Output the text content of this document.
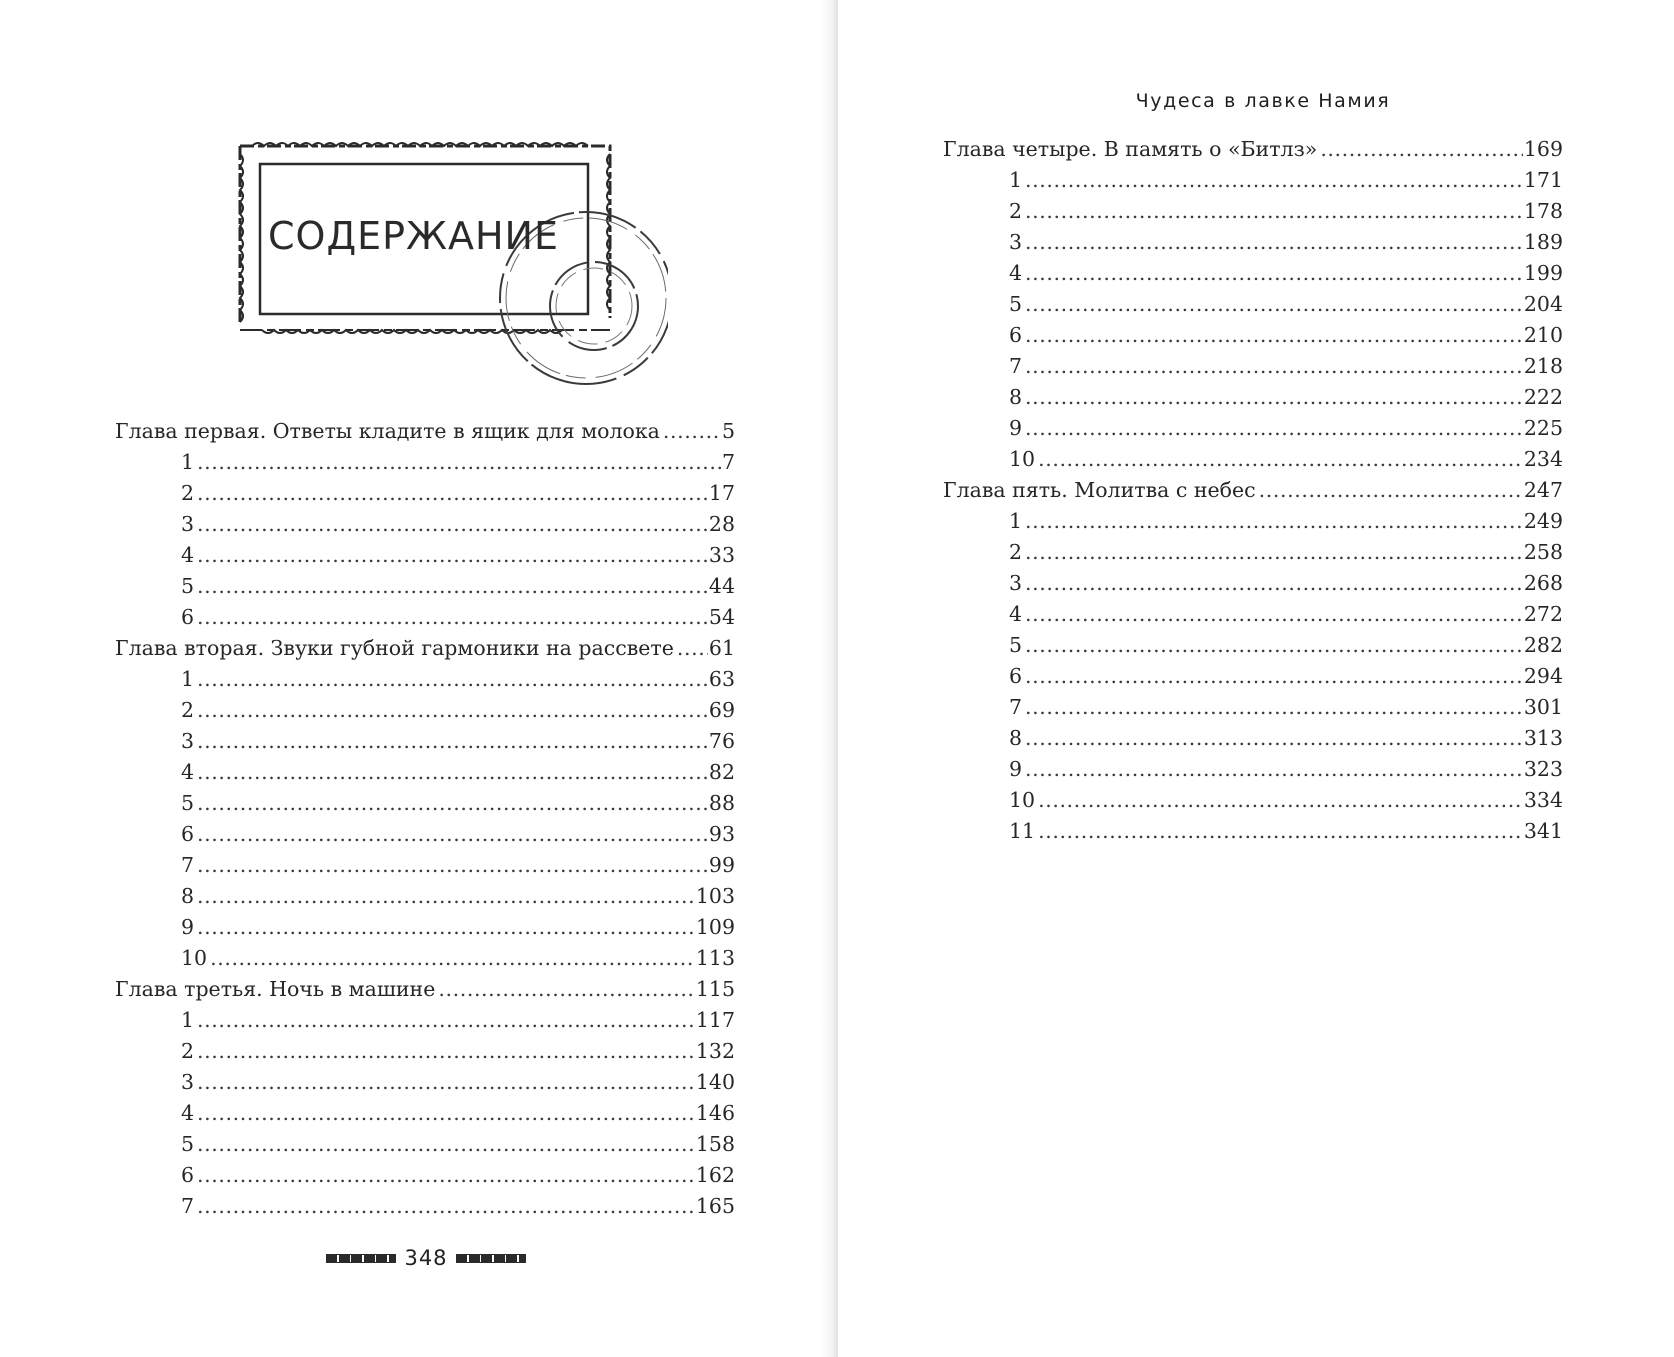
СОДЕРЖАНИЕ
Глава первая. Ответы кладите в ящик для молока .....	5
1 .....	7
2 .....	17
3 .....	28
4 .....	33
5 .....	44
6 .....	54
Глава вторая. Звуки губной гармоники на рассвете ..... 61
1 .....	63
2 .....	69
3 .....	76
4 .....	82
5 .....	88
6 .....	93
7 .....	99
8 .....	103
9 .....	109
10 .....	113
Глава третья. Ночь в машине .....	115
1 .....	117
2 .....	132
3 .....	140
4 .....	146
5 .....	158
6 .....	162
7 .....	165
348
Чудеса в лавке Намия
Глава четыре. В память о «Битлз» .....	169
1 .....	171
2 .....	178
3 .....	189
4 .....	199
5 .....	204
6 .....	210
7 .....	218
8 .....	222
9 .....	225
10 .....	234
Глава пять. Молитва с небес .....	247
1 .....	249
2 .....	258
3 .....	268
4 .....	272
5 .....	282
6 .....	294
7 .....	301
8 .....	313
9 .....	323
10 .....	334
11 .....	341
